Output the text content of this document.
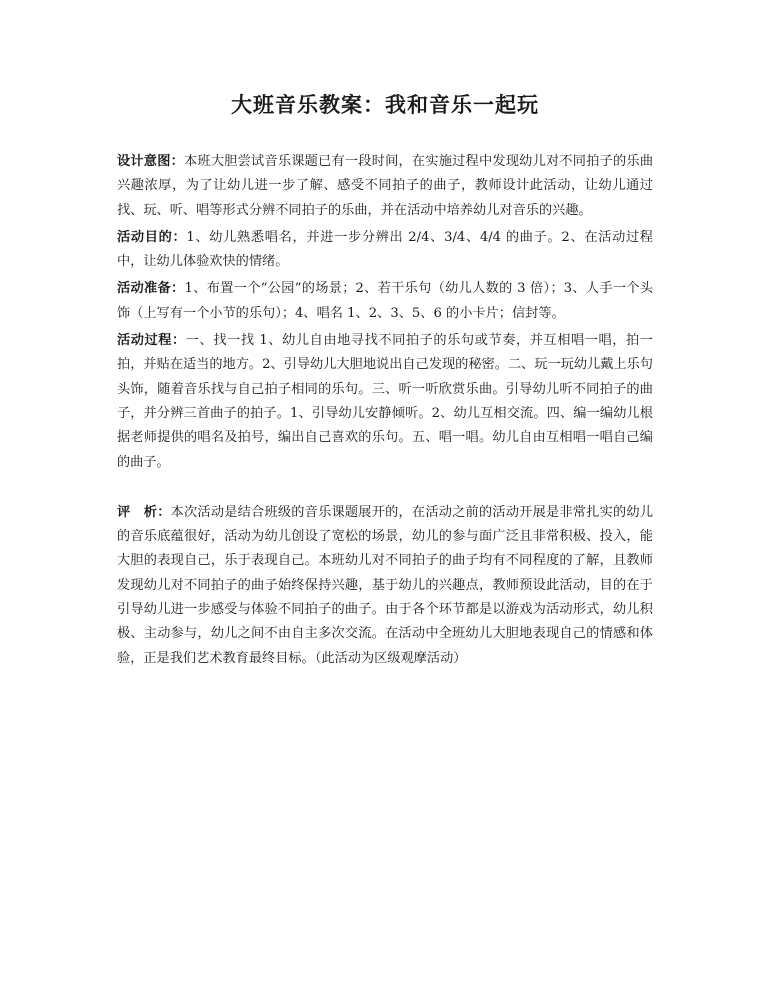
大班音乐教案：我和音乐一起玩

设计意图：本班大胆尝试音乐课题已有一段时间，在实施过程中发现幼儿对不同拍子的乐曲兴趣浓厚，为了让幼儿进一步了解、感受不同拍子的曲子，教师设计此活动，让幼儿通过找、玩、听、唱等形式分辨不同拍子的乐曲，并在活动中培养幼儿对音乐的兴趣。

活动目的：1、幼儿熟悉唱名，并进一步分辨出 2/4、3/4、4/4 的曲子。2、在活动过程中，让幼儿体验欢快的情绪。

活动准备：1、布置一个“公园”的场景；2、若干乐句（幼儿人数的 3 倍）；3、人手一个头饰（上写有一个小节的乐句）；4、唱名 1、2、3、5、6 的小卡片；信封等。

活动过程：一、找一找 1、幼儿自由地寻找不同拍子的乐句或节奏，并互相唱一唱，拍一拍，并贴在适当的地方。2、引导幼儿大胆地说出自己发现的秘密。二、玩一玩幼儿戴上乐句头饰，随着音乐找与自己拍子相同的乐句。三、听一听欣赏乐曲。引导幼儿听不同拍子的曲子，并分辨三首曲子的拍子。1、引导幼儿安静倾听。2、幼儿互相交流。四、编一编幼儿根据老师提供的唱名及拍号，编出自己喜欢的乐句。五、唱一唱。幼儿自由互相唱一唱自己编的曲子。

评　析：本次活动是结合班级的音乐课题展开的，在活动之前的活动开展是非常扎实的幼儿的音乐底蕴很好，活动为幼儿创设了宽松的场景，幼儿的参与面广泛且非常积极、投入，能大胆的表现自己，乐于表现自己。本班幼儿对不同拍子的曲子均有不同程度的了解，且教师发现幼儿对不同拍子的曲子始终保持兴趣，基于幼儿的兴趣点，教师预设此活动，目的在于引导幼儿进一步感受与体验不同拍子的曲子。由于各个环节都是以游戏为活动形式，幼儿积极、主动参与，幼儿之间不由自主多次交流。在活动中全班幼儿大胆地表现自己的情感和体验，正是我们艺术教育最终目标。（此活动为区级观摩活动）
